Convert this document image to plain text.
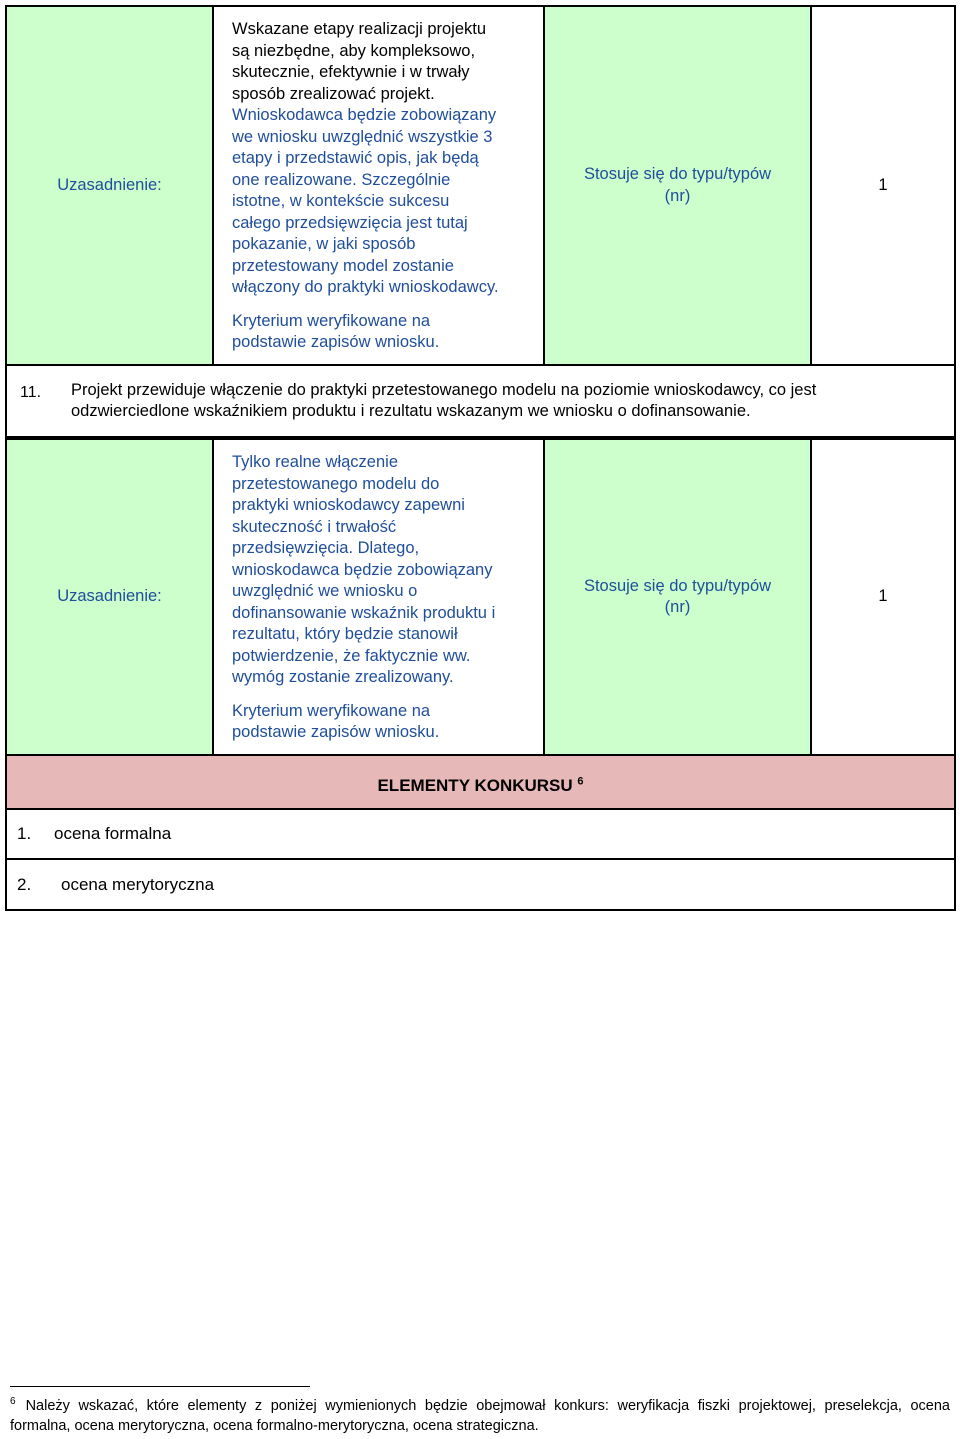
Uzasadnienie:

Wskazane etapy realizacji projektu
są niezbędne, aby kompleksowo,
skutecznie, efektywnie i w trwały
sposób zrealizować projekt.
Wnioskodawca będzie zobowiązany
we wniosku uwzględnić wszystkie 3
etapy i przedstawić opis, jak będą
one realizowane. Szczególnie
istotne, w kontekście sukcesu
całego przedsięwzięcia jest tutaj
pokazanie, w jaki sposób
przetestowany model zostanie
włączony do praktyki wnioskodawcy.

Kryterium weryfikowane na
podstawie zapisów wniosku.

Stosuje się do typu/typów
(nr)
1
11. Projekt przewiduje włączenie do praktyki przetestowanego modelu na poziomie wnioskodawcy, co jest
odzwierciedlone wskaźnikiem produktu i rezultatu wskazanym we wniosku o dofinansowanie.
Uzasadnienie:

Tylko realne włączenie
przetestowanego modelu do
praktyki wnioskodawcy zapewni
skuteczność i trwałość
przedsięwzięcia. Dlatego,
wnioskodawca będzie zobowiązany
uwzględnić we wniosku o
dofinansowanie wskaźnik produktu i
rezultatu, który będzie stanowił
potwierdzenie, że faktycznie ww.
wymóg zostanie zrealizowany.

Kryterium weryfikowane na
podstawie zapisów wniosku.

Stosuje się do typu/typów
(nr)
1
ELEMENTY KONKURSU $^6$
1. ocena formalna
2. ocena merytoryczna
$^6$ Należy wskazać, które elementy z poniżej wymienionych będzie obejmował konkurs: weryfikacja fiszki projektowej, preselekcja, ocena formalna, ocena merytoryczna, ocena formalno-merytoryczna, ocena strategiczna.
